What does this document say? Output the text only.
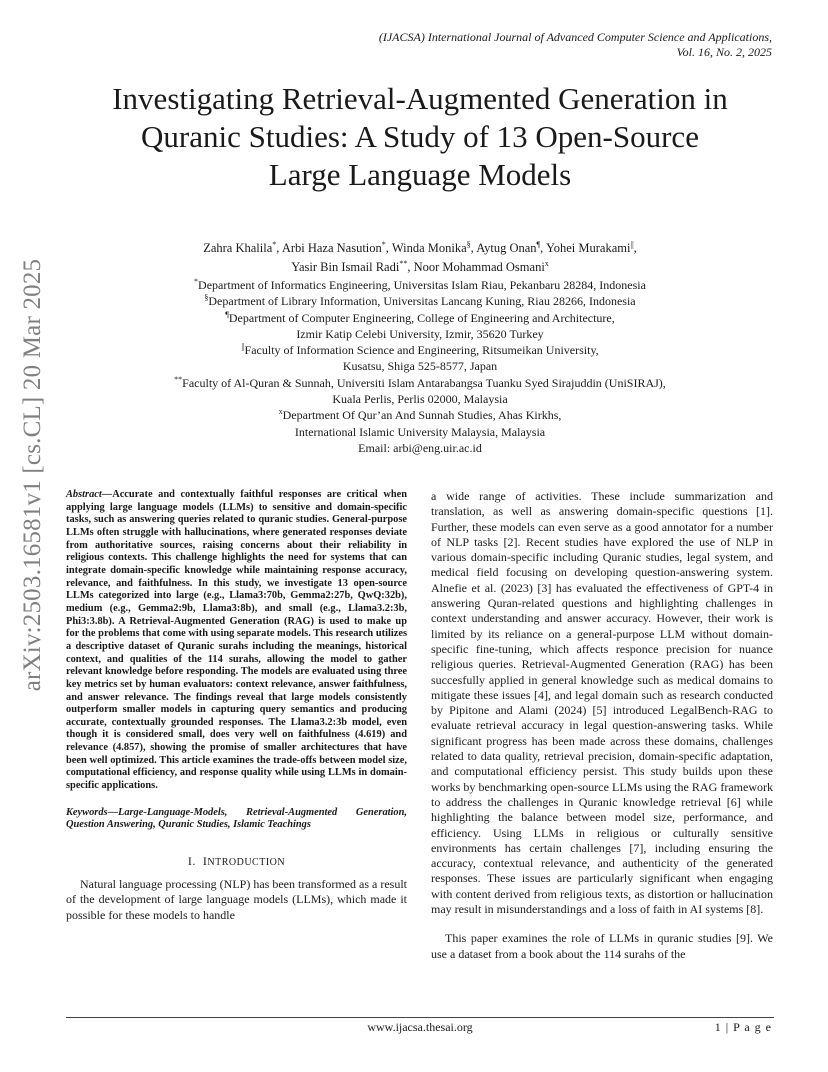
(IJACSA) International Journal of Advanced Computer Science and Applications,
Vol. 16, No. 2, 2025
Investigating Retrieval-Augmented Generation in
Quranic Studies: A Study of 13 Open-Source
Large Language Models
Zahra Khalila*, Arbi Haza Nasution*, Winda Monika§, Aytug Onan¶, Yohei Murakami||,
Yasir Bin Ismail Radi**, Noor Mohammad Osmani$^x$
*Department of Informatics Engineering, Universitas Islam Riau, Pekanbaru 28284, Indonesia
§Department of Library Information, Universitas Lancang Kuning, Riau 28266, Indonesia
¶Department of Computer Engineering, College of Engineering and Architecture,
Izmir Katip Celebi University, Izmir, 35620 Turkey
||Faculty of Information Science and Engineering, Ritsumeikan University,
Kusatsu, Shiga 525-8577, Japan
**Faculty of Al-Quran & Sunnah, Universiti Islam Antarabangsa Tuanku Syed Sirajuddin (UniSIRAJ),
Kuala Perlis, Perlis 02000, Malaysia
$^x$Department Of Qur’an And Sunnah Studies, Ahas Kirkhs,
International Islamic University Malaysia, Malaysia
Email: arbi@eng.uir.ac.id
arXiv:2503.16581v1 [cs.CL] 20 Mar 2025	Abstract—Accurate and contextually faithful responses are critical when applying large language models (LLMs) to sensitive and domain-specific tasks, such as answering queries related to quranic studies. General-purpose LLMs often struggle with hallucinations, where generated responses deviate from authoritative sources, raising concerns about their reliability in religious contexts. This challenge highlights the need for systems that can integrate domain-specific knowledge while maintaining response accuracy, relevance, and faithfulness. In this study, we investigate 13 open-source LLMs categorized into large (e.g., Llama3:70b, Gemma2:27b, QwQ:32b), medium (e.g., Gemma2:9b, Llama3:8b), and small (e.g., Llama3.2:3b, Phi3:3.8b). A Retrieval-Augmented Generation (RAG) is used to make up for the problems that come with using separate models. This research utilizes a descriptive dataset of Quranic surahs including the meanings, historical context, and qualities of the 114 surahs, allowing the model to gather relevant knowledge before responding. The models are evaluated using three key metrics set by human evaluators: context relevance, answer faithfulness, and answer relevance. The findings reveal that large models consistently outperform smaller models in capturing query semantics and producing accurate, contextually grounded responses. The Llama3.2:3b model, even though it is considered small, does very well on faithfulness (4.619) and relevance (4.857), showing the promise of smaller architectures that have been well optimized. This article examines the trade-offs between model size, computational efficiency, and response quality while using LLMs in domain-specific applications.
Keywords—Large-Language-Models, Retrieval-Augmented Generation, Question Answering, Quranic Studies, Islamic Teachings
I. INTRODUCTION
Natural language processing (NLP) has been transformed as a result of the development of large language models (LLMs), which made it possible for these models to handle
a wide range of activities. These include summarization and translation, as well as answering domain-specific questions [1]. Further, these models can even serve as a good annotator for a number of NLP tasks [2]. Recent studies have explored the use of NLP in various domain-specific including Quranic studies, legal system, and medical field focusing on developing question-answering system. Alnefie et al. (2023) [3] has evaluated the effectiveness of GPT-4 in answering Quran-related questions and highlighting challenges in context understanding and answer accuracy. However, their work is limited by its reliance on a general-purpose LLM without domain-specific fine-tuning, which affects responce precision for nuance religious queries. Retrieval-Augmented Generation (RAG) has been succesfully applied in general knowledge such as medical domains to mitigate these issues [4], and legal domain such as research conducted by Pipitone and Alami (2024) [5] introduced LegalBench-RAG to evaluate retrieval accuracy in legal question-answering tasks. While significant progress has been made across these domains, challenges related to data quality, retrieval precision, domain-specific adaptation, and computational efficiency persist. This study builds upon these works by benchmarking open-source LLMs using the RAG framework to address the challenges in Quranic knowledge retrieval [6] while highlighting the balance between model size, performance, and efficiency. Using LLMs in religious or culturally sensitive environments has certain challenges [7], including ensuring the accuracy, contextual relevance, and authenticity of the generated responses. These issues are particularly significant when engaging with content derived from religious texts, as distortion or hallucination may result in misunderstandings and a loss of faith in AI systems [8].
This paper examines the role of LLMs in quranic studies [9]. We use a dataset from a book about the 114 surahs of the
www.ijacsa.thesai.org	1 | P a g e
